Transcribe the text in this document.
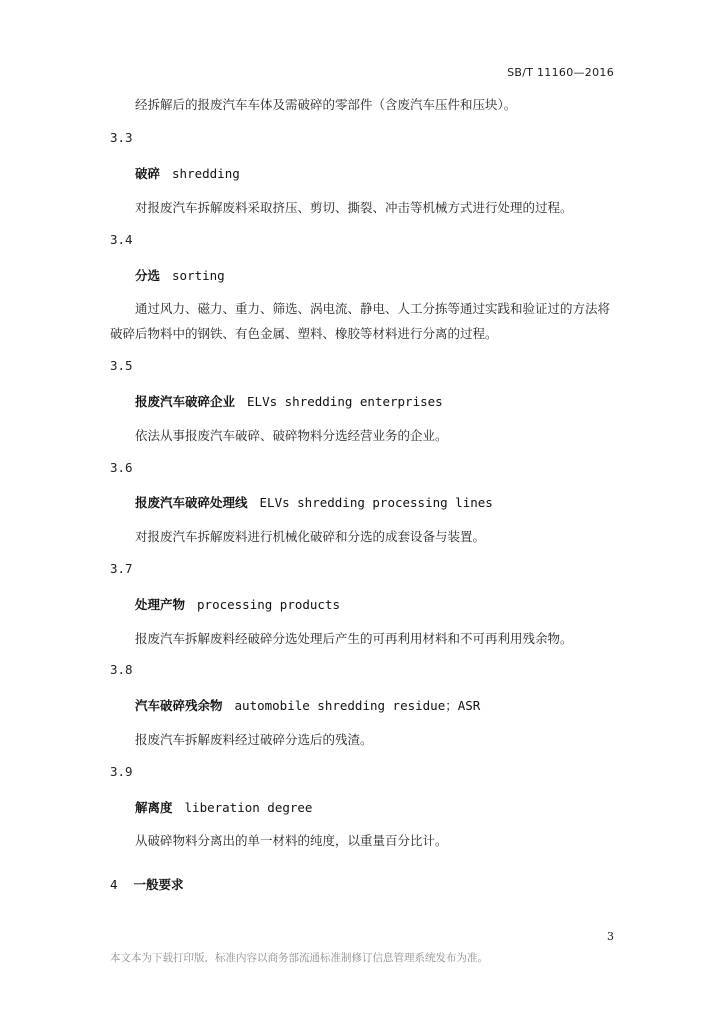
SB/T 11160—2016
经拆解后的报废汽车车体及需破碎的零部件（含废汽车压件和压块）。
3.3
破碎 shredding
对报废汽车拆解废料采取挤压、剪切、撕裂、冲击等机械方式进行处理的过程。
3.4
分选 sorting
通过风力、磁力、重力、筛选、涡电流、静电、人工分拣等通过实践和验证过的方法将
破碎后物料中的钢铁、有色金属、塑料、橡胶等材料进行分离的过程。
3.5
报废汽车破碎企业 ELVs shredding enterprises
依法从事报废汽车破碎、破碎物料分选经营业务的企业。
3.6
报废汽车破碎处理线 ELVs shredding processing lines
对报废汽车拆解废料进行机械化破碎和分选的成套设备与装置。
3.7
处理产物 processing products
报废汽车拆解废料经破碎分选处理后产生的可再利用材料和不可再利用残余物。
3.8
汽车破碎残余物 automobile shredding residue；ASR
报废汽车拆解废料经过破碎分选后的残渣。
3.9
解离度 liberation degree
从破碎物料分离出的单一材料的纯度，以重量百分比计。
4 一般要求
3
本文本为下载打印版，标准内容以商务部流通标准制修订信息管理系统发布为准。
